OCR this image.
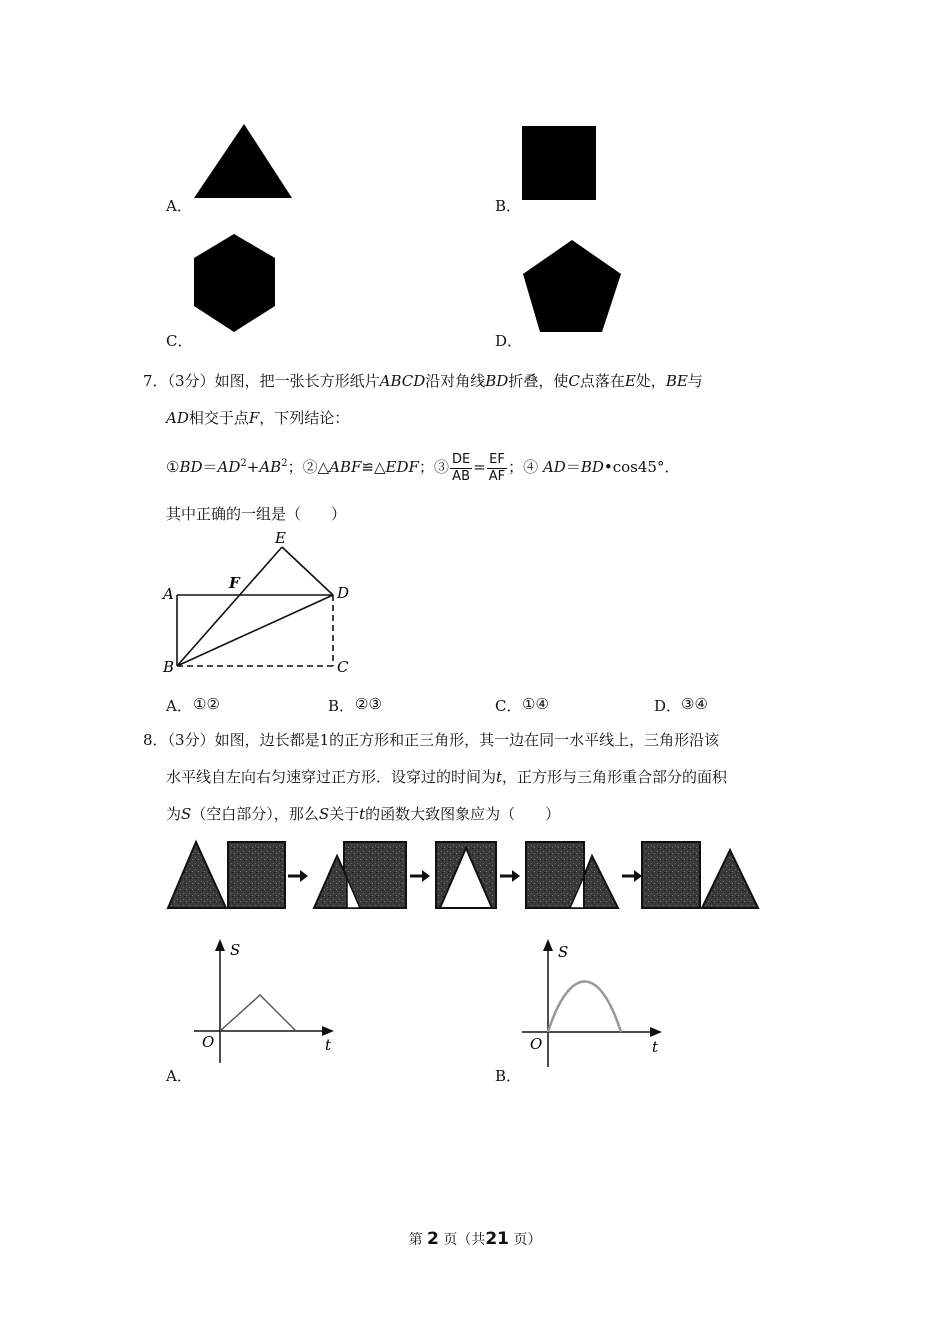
A．	B．
C．	D．
7．（3分）如图，把一张长方形纸片ABCD沿对角线BD折叠，使C点落在E处，BE与
AD相交于点F，下列结论：
$①BD=AD^2+AB^2$；②△ABF≌△EDF；③ $\frac{DE}{AB} = \frac{EF}{AF}$ ；④ AD＝BD•cos45°．
其中正确的一组是（　　）
A
B	C
D
E
F
A． ①②	B． ②③	C． ①④	D． ③④
8．（3分）如图，边长都是1的正方形和正三角形，其一边在同一水平线上，三角形沿该
水平线自左向右匀速穿过正方形．设穿过的时间为t，正方形与三角形重合部分的面积
为S（空白部分），那么S关于t的函数大致图象应为（　　）
S
t
O
A．
S
t
O
B．
第 2 页（共21 页）
